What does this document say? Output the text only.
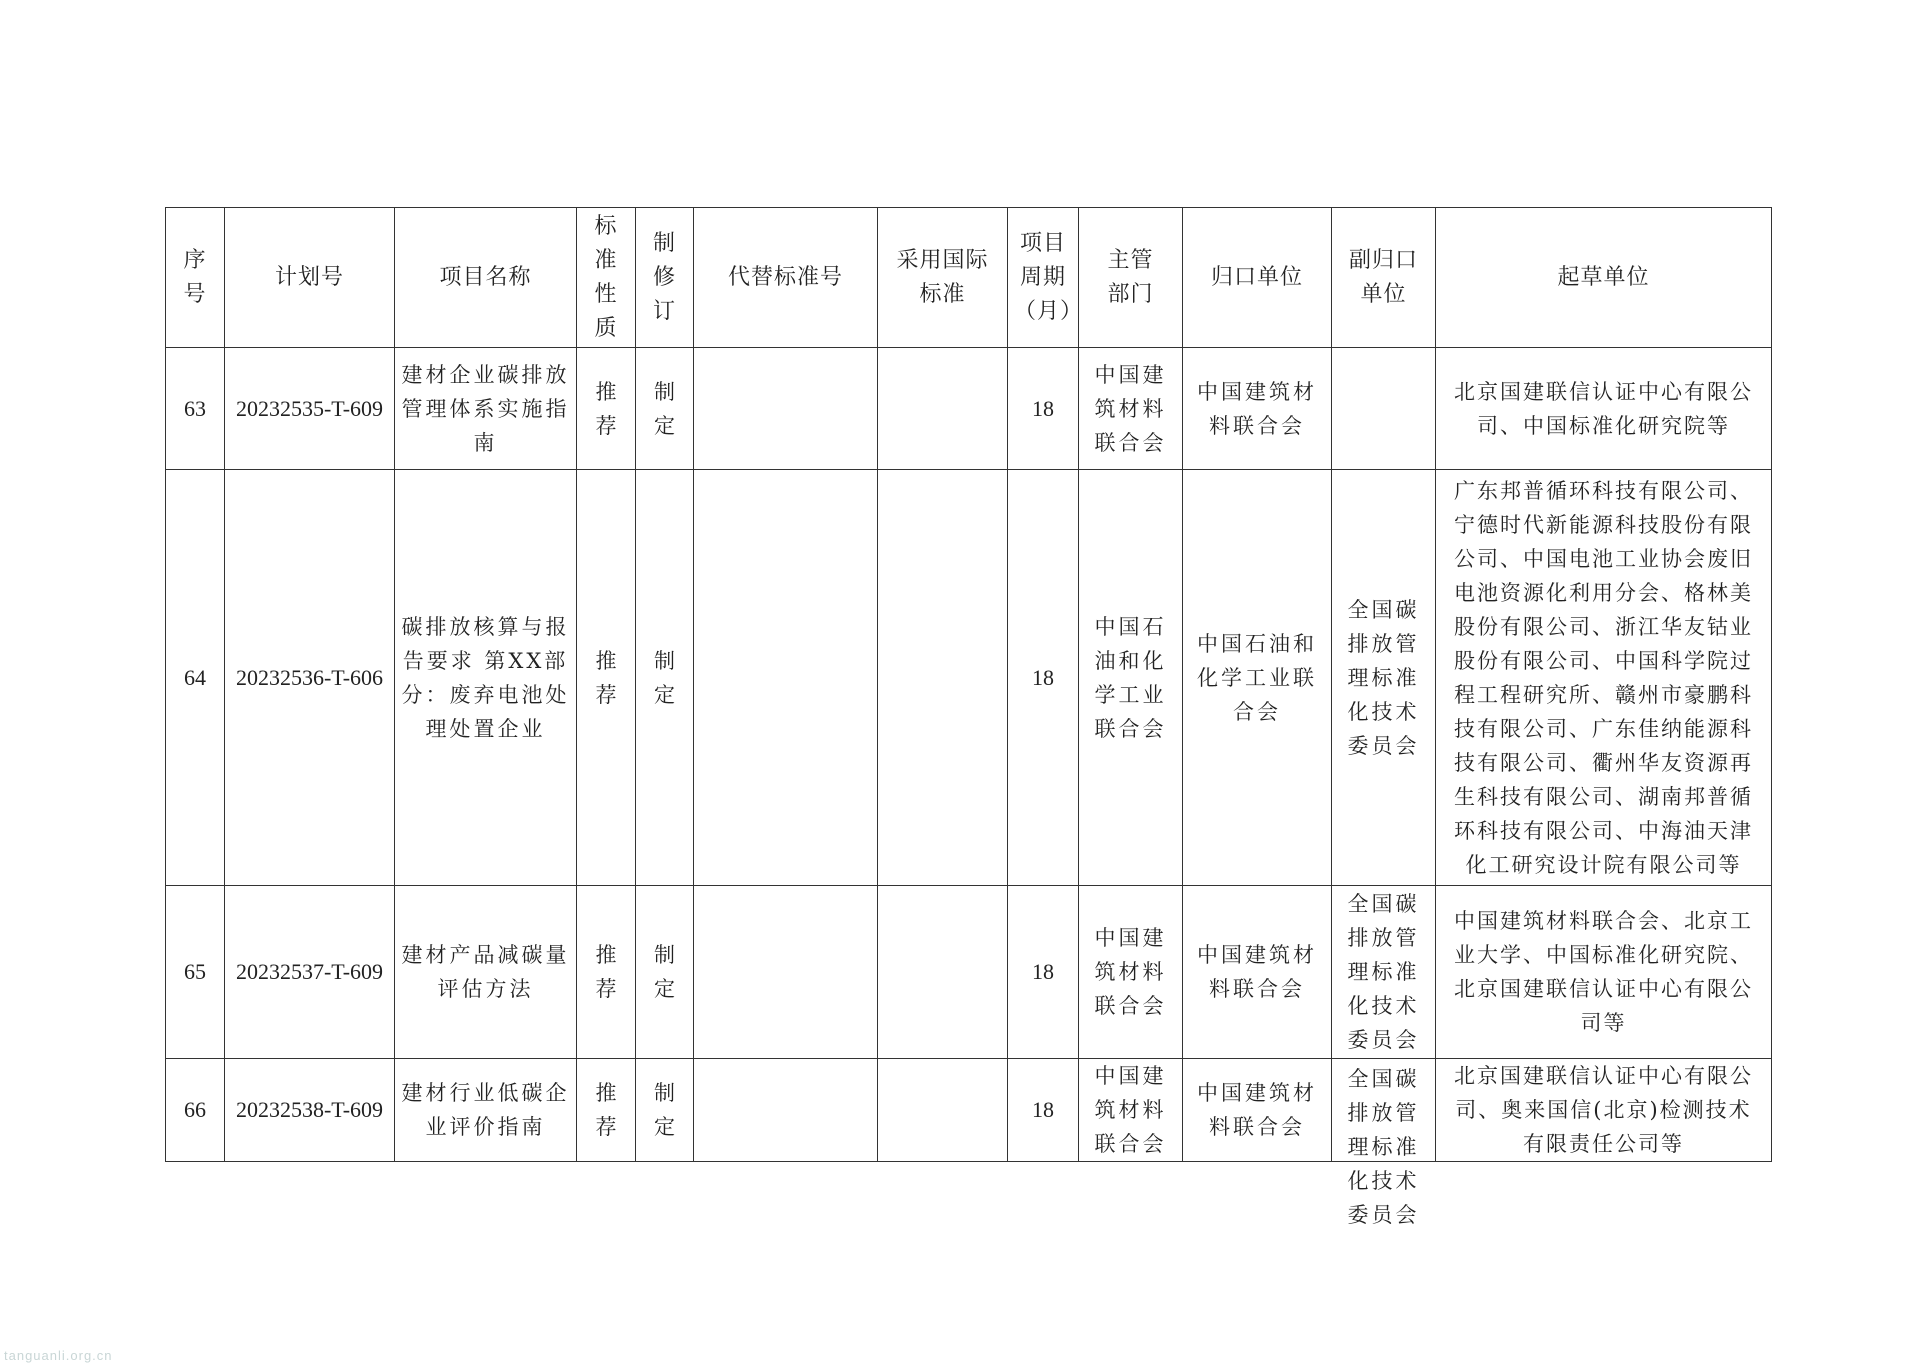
序号	计划号	项目名称	标准性质	制修订	代替标准号	采用国际标准	项目周期（月）	主管部门	归口单位	副归口单位	起草单位
63	20232535-T-609	建材企业碳排放管理体系实施指南	推荐	制定			18	中国建筑材料联合会	中国建筑材料联合会		北京国建联信认证中心有限公司、中国标准化研究院等
64	20232536-T-606	碳排放核算与报告要求 第XX部分：废弃电池处理处置企业	推荐	制定			18	中国石油和化学工业联合会	中国石油和化学工业联合会	全国碳排放管理标准化技术委员会	广东邦普循环科技有限公司、宁德时代新能源科技股份有限公司、中国电池工业协会废旧电池资源化利用分会、格林美股份有限公司、浙江华友钴业股份有限公司、中国科学院过程工程研究所、赣州市豪鹏科技有限公司、广东佳纳能源科技有限公司、衢州华友资源再生科技有限公司、湖南邦普循环科技有限公司、中海油天津化工研究设计院有限公司等
65	20232537-T-609	建材产品减碳量评估方法	推荐	制定			18	中国建筑材料联合会	中国建筑材料联合会	全国碳排放管理标准化技术委员会	中国建筑材料联合会、北京工业大学、中国标准化研究院、北京国建联信认证中心有限公司等
66	20232538-T-609	建材行业低碳企业评价指南	推荐	制定			18	中国建筑材料联合会	中国建筑材料联合会	全国碳排放管理标准化技术委员会	北京国建联信认证中心有限公司、奥来国信(北京)检测技术有限责任公司等
tanguanli.org.cn
